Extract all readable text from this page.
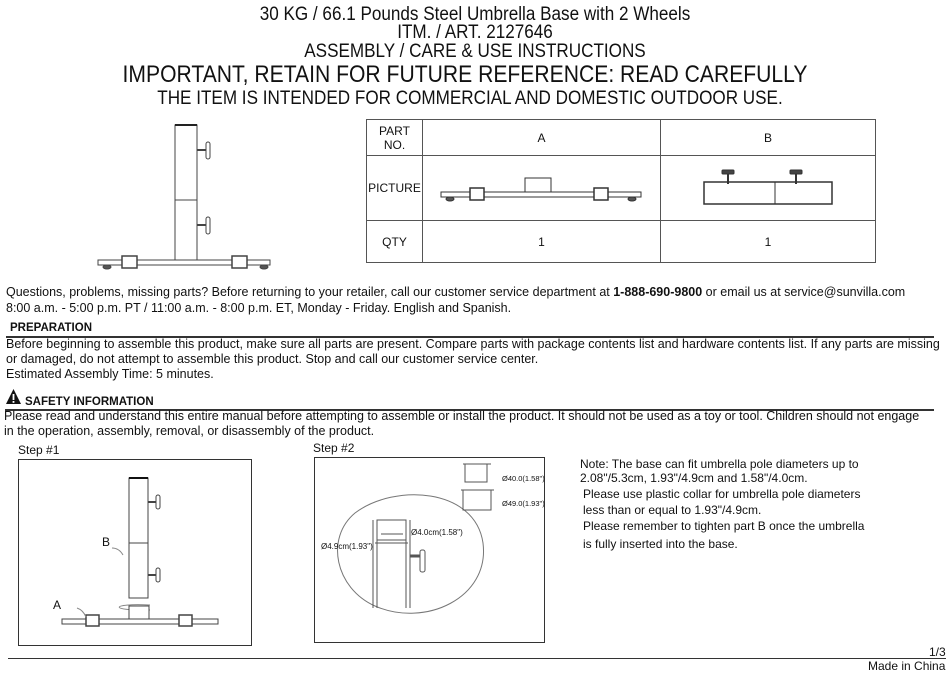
30 KG / 66.1 Pounds Steel Umbrella Base with 2 Wheels
ITM. / ART. 2127646
ASSEMBLY / CARE & USE INSTRUCTIONS
IMPORTANT, RETAIN FOR FUTURE REFERENCE: READ CAREFULLY
THE ITEM IS INTENDED FOR COMMERCIAL AND DOMESTIC OUTDOOR USE.
PART NO.	A	B
PICTURE	

QTY	1	1
Questions, problems, missing parts? Before returning to your retailer, call our customer service department at 1-888-690-9800 or email us at service@sunvilla.com
8:00 a.m. - 5:00 p.m. PT / 11:00 a.m. - 8:00 p.m. ET, Monday - Friday. English and Spanish.
PREPARATION
Before beginning to assemble this product, make sure all parts are present. Compare parts with package contents list and hardware contents list. If any parts are missing
or damaged, do not attempt to assemble this product. Stop and call our customer service center.
Estimated Assembly Time: 5 minutes.
SAFETY INFORMATION
Please read and understand this entire manual before attempting to assemble or install the product. It should not be used as a toy or tool. Children should not engage
in the operation, assembly, removal, or disassembly of the product.
Step #1
B
A
Step #2
Ø40.0(1.58")
Ø49.0(1.93")
Ø4.0cm(1.58")
Ø4.9cm(1.93")
Note: The base can fit umbrella pole diameters up to
2.08"/5.3cm, 1.93"/4.9cm and 1.58"/4.0cm.
Please use plastic collar for umbrella pole diameters
less than or equal to 1.93"/4.9cm.
Please remember to tighten part B once the umbrella
is fully inserted into the base.
1/3
Made in China
